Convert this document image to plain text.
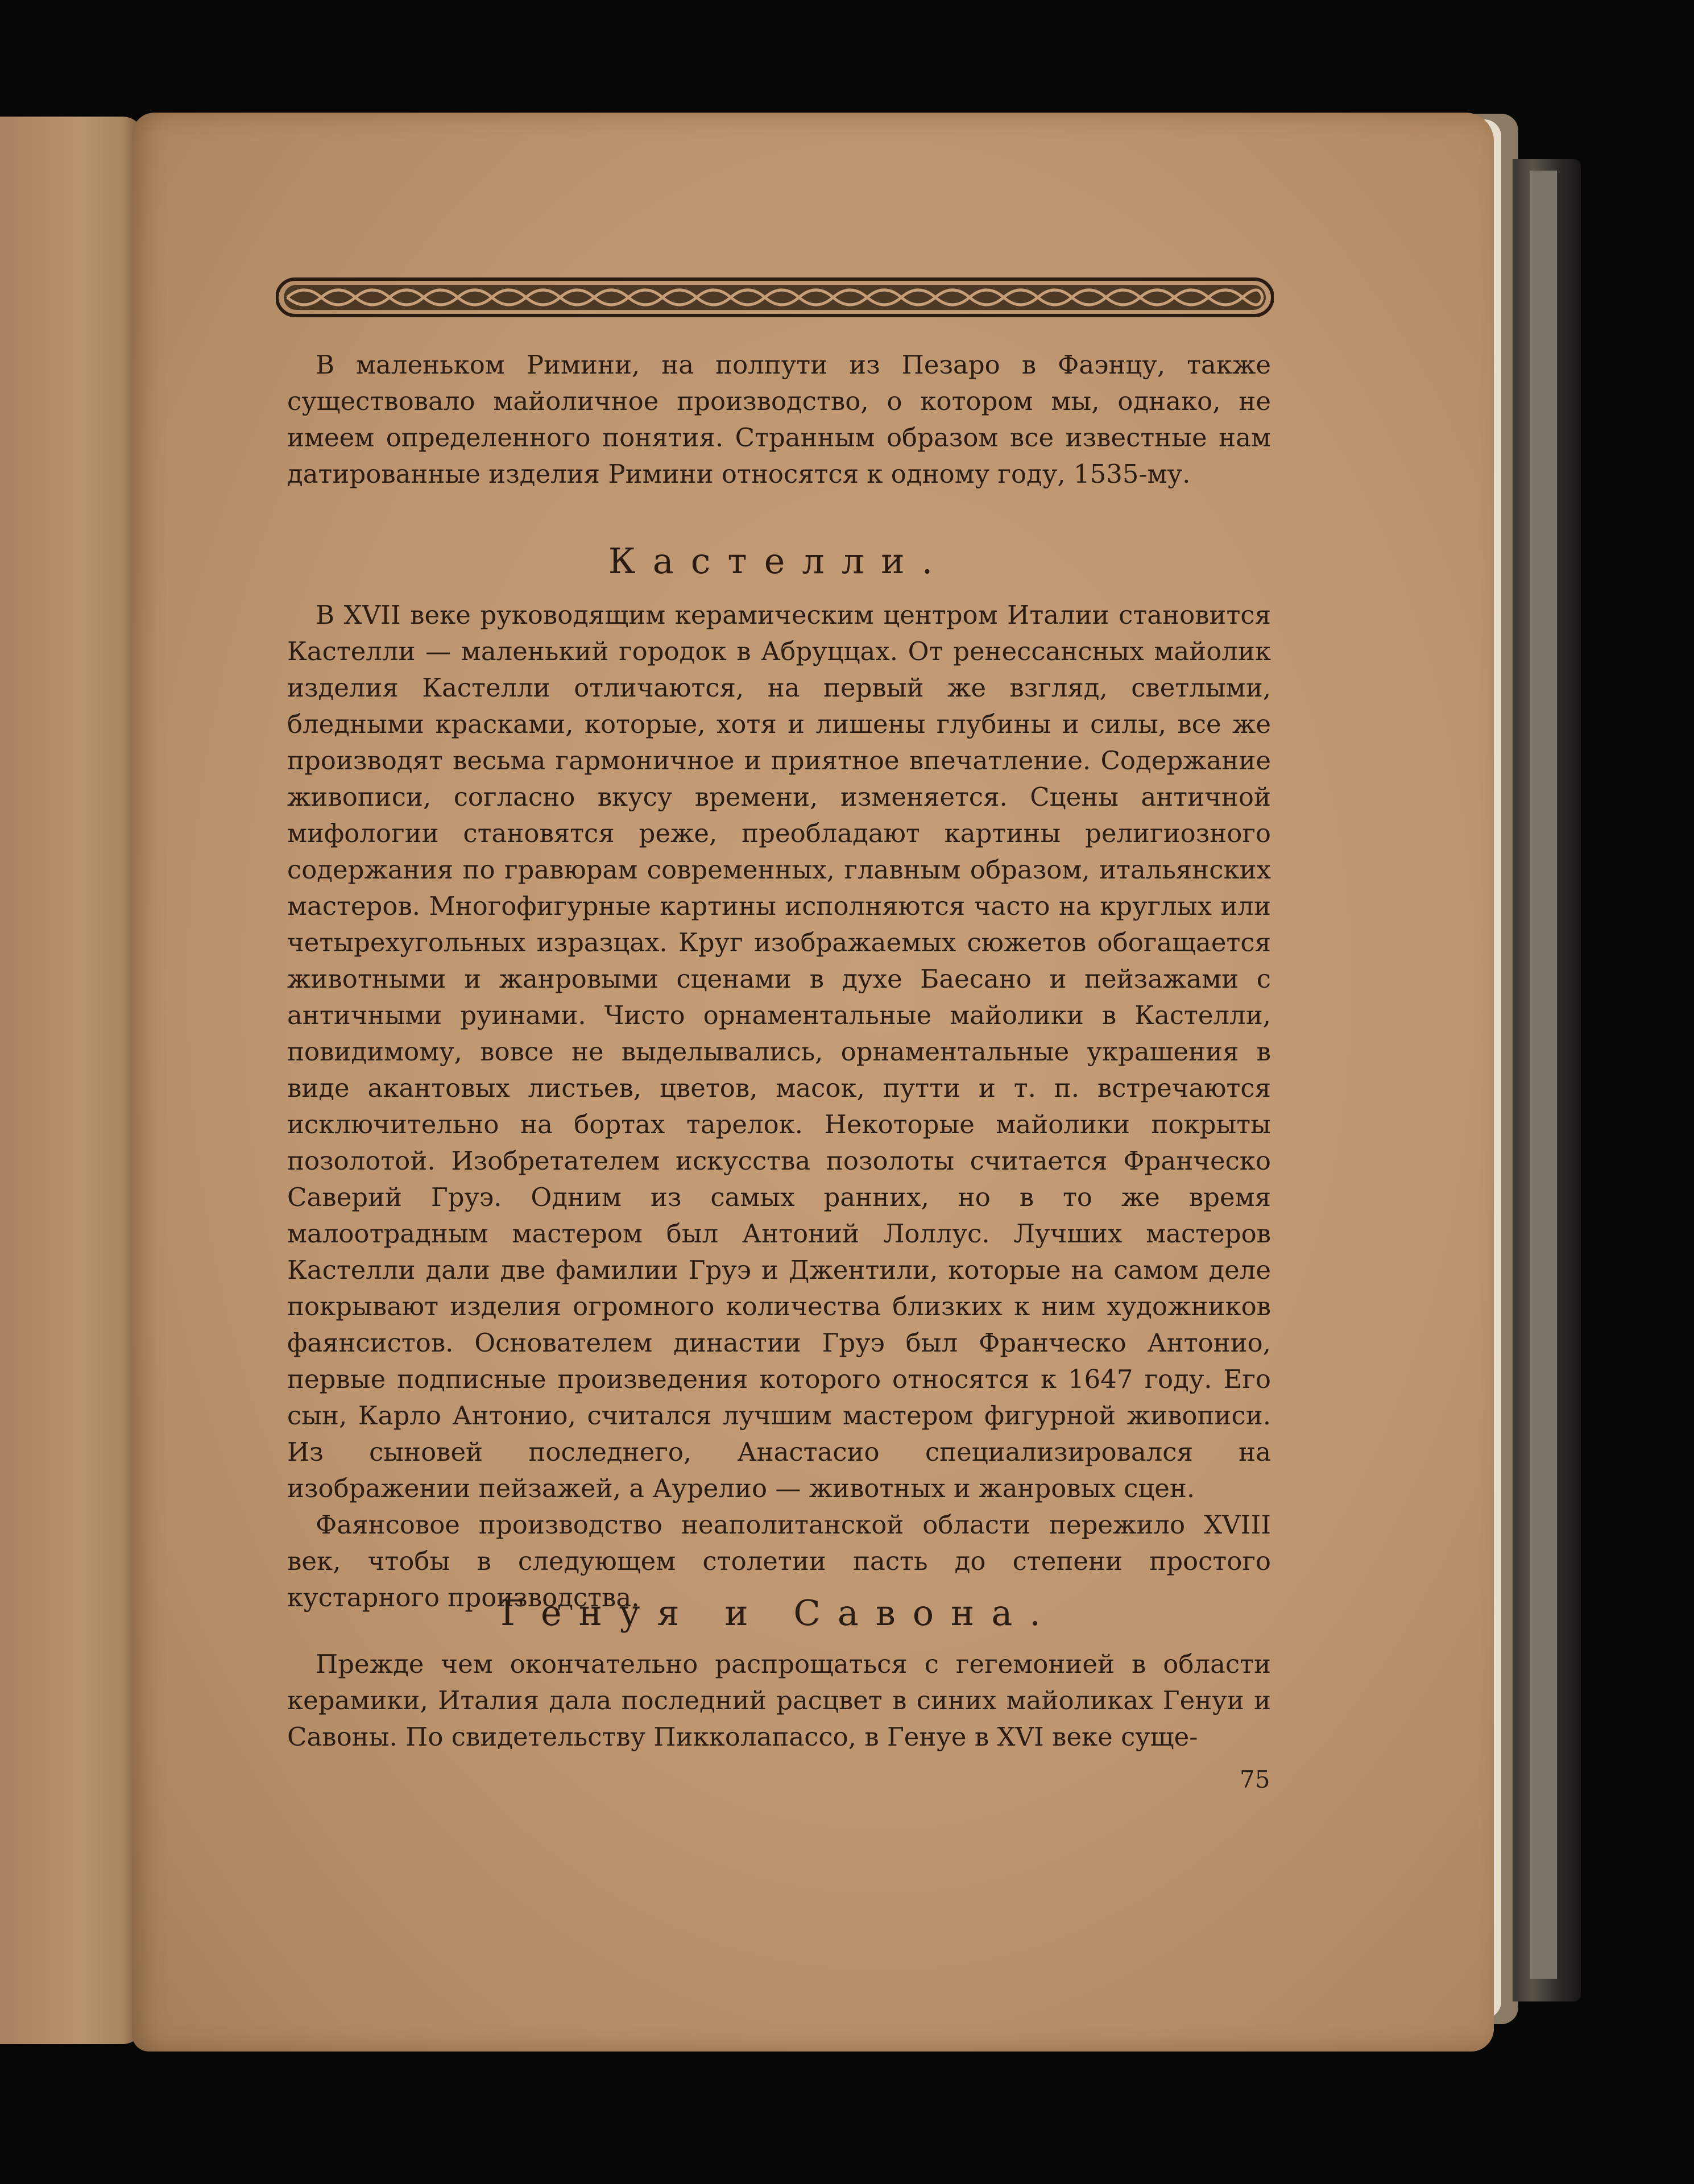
В маленьком Римини, на полпути из Пезаро в Фаэнцу, также существовало майоличное производство, о котором мы, однако, не имеем определенного понятия. Странным образом все известные нам датированные изделия Римини относятся к одному году, 1535-му.

Кастелли.

В XVII веке руководящим керамическим центром Италии становится Кастелли — маленький городок в Абруццах. От ренессансных майолик изделия Кастелли отличаются, на первый же взгляд, светлыми, бледными красками, которые, хотя и лишены глубины и силы, все же производят весьма гармоничное и приятное впечатление. Содержание живописи, согласно вкусу времени, изменяется. Сцены античной мифологии становятся реже, преобладают картины религиозного содержания по гравюрам современных, главным образом, итальянских мастеров. Многофигурные картины исполняются часто на круглых или четырехугольных изразцах. Круг изображаемых сюжетов обогащается животными и жанровыми сценами в духе Баесано и пейзажами с античными руинами. Чисто орнаментальные майолики в Кастелли, повидимому, вовсе не выделывались, орнаментальные украшения в виде акантовых листьев, цветов, масок, путти и т. п. встречаются исключительно на бортах тарелок. Некоторые майолики покрыты позолотой. Изобретателем искусства позолоты считается Франческо Саверий Груэ. Одним из самых ранних, но в то же время малоотрадным мастером был Антоний Лоллус. Лучших мастеров Кастелли дали две фамилии Груэ и Джентили, которые на самом деле покрывают изделия огромного количества близких к ним художников фаянсистов. Основателем династии Груэ был Франческо Антонио, первые подписные произведения которого относятся к 1647 году. Его сын, Карло Антонио, считался лучшим мастером фигурной живописи. Из сыновей последнего, Анастасио специализировался на изображении пейзажей, а Аурелио — животных и жанровых сцен.

Фаянсовое производство неаполитанской области пережило XVIII век, чтобы в следующем столетии пасть до степени простого кустарного производства.

Генуя и Савона.

Прежде чем окончательно распрощаться с гегемонией в области керамики, Италия дала последний расцвет в синих майоликах Генуи и Савоны. По свидетельству Пикколапассо, в Генуе в XVI веке суще-

75
